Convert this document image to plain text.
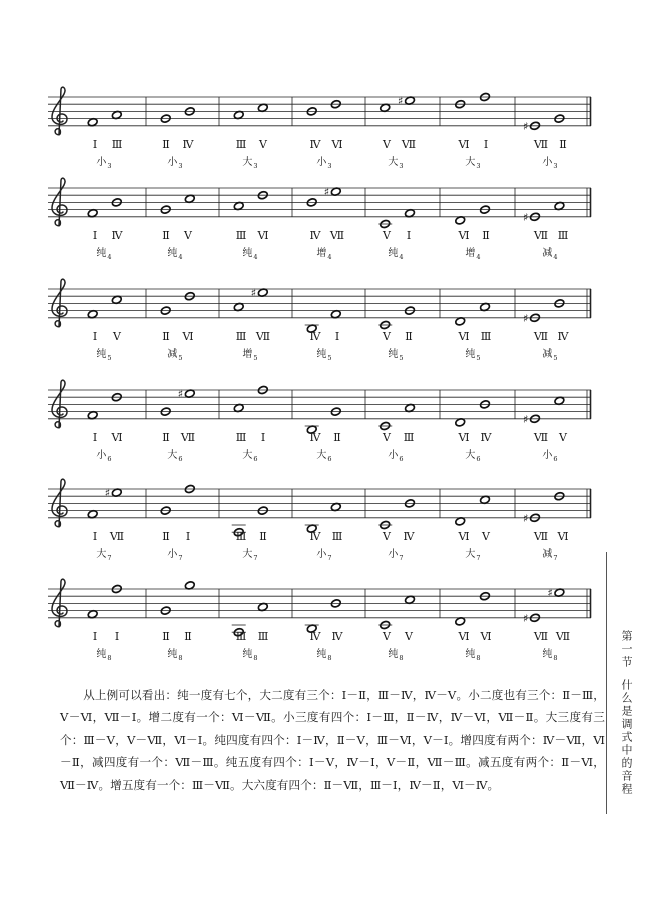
♯
♯
Ⅰ Ⅲ	Ⅱ Ⅳ	Ⅲ Ⅴ	Ⅳ Ⅵ	Ⅴ Ⅶ	Ⅵ Ⅰ	Ⅶ Ⅱ
小$_3$	小$_3$	大$_3$	小$_3$	大$_3$	大$_3$	小$_3$
♯
♯
Ⅰ Ⅳ	Ⅱ Ⅴ	Ⅲ Ⅵ	Ⅳ Ⅶ	Ⅴ Ⅰ	Ⅵ Ⅱ	Ⅶ Ⅲ
纯$_4$	纯$_4$	纯$_4$	增$_4$	纯$_4$	增$_4$	减$_4$
♯
♯
Ⅰ Ⅴ	Ⅱ Ⅵ	Ⅲ Ⅶ	Ⅳ Ⅰ	Ⅴ Ⅱ	Ⅵ Ⅲ	Ⅶ Ⅳ
纯$_5$	减$_5$	增$_5$	纯$_5$	纯$_5$	纯$_5$	减$_5$
♯
♯
Ⅰ Ⅵ	Ⅱ Ⅶ	Ⅲ Ⅰ	Ⅳ Ⅱ	Ⅴ Ⅲ	Ⅵ Ⅳ	Ⅶ Ⅴ
小$_6$	大$_6$	大$_6$	大$_6$	小$_6$	大$_6$	小$_6$
♯
♯
Ⅰ Ⅶ	Ⅱ Ⅰ	Ⅲ Ⅱ	Ⅳ Ⅲ	Ⅴ Ⅳ	Ⅵ Ⅴ	Ⅶ Ⅵ
大$_7$	小$_7$	大$_7$	小$_7$	小$_7$	大$_7$	减$_7$
♯
♯
Ⅰ Ⅰ	Ⅱ Ⅱ	Ⅲ Ⅲ	Ⅳ Ⅳ	Ⅴ Ⅴ	Ⅵ Ⅵ	Ⅶ Ⅶ
纯$_8$	纯$_8$	纯$_8$	纯$_8$	纯$_8$	纯$_8$	纯$_8$

从上例可以看出：纯一度有七个，大二度有三个：Ⅰ－Ⅱ，Ⅲ－Ⅳ，Ⅳ－Ⅴ。小二度也有三个：Ⅱ－Ⅲ，Ⅴ－Ⅵ，Ⅶ－Ⅰ。增二度有一个：Ⅵ－Ⅶ。小三度有四个：Ⅰ－Ⅲ，Ⅱ－Ⅳ，Ⅳ－Ⅵ，Ⅶ－Ⅱ。大三度有三个：Ⅲ－Ⅴ，Ⅴ－Ⅶ，Ⅵ－Ⅰ。纯四度有四个：Ⅰ－Ⅳ，Ⅱ－Ⅴ，Ⅲ－Ⅵ，Ⅴ－Ⅰ。增四度有两个：Ⅳ－Ⅶ，Ⅵ－Ⅱ，减四度有一个：Ⅶ－Ⅲ。纯五度有四个：Ⅰ－Ⅴ，Ⅳ－Ⅰ，Ⅴ－Ⅱ，Ⅶ－Ⅲ。减五度有两个：Ⅱ－Ⅵ，Ⅶ－Ⅳ。增五度有一个：Ⅲ－Ⅶ。大六度有四个：Ⅱ－Ⅶ，Ⅲ－Ⅰ，Ⅳ－Ⅱ，Ⅵ－Ⅳ。

第一节什么是调式中的音程
